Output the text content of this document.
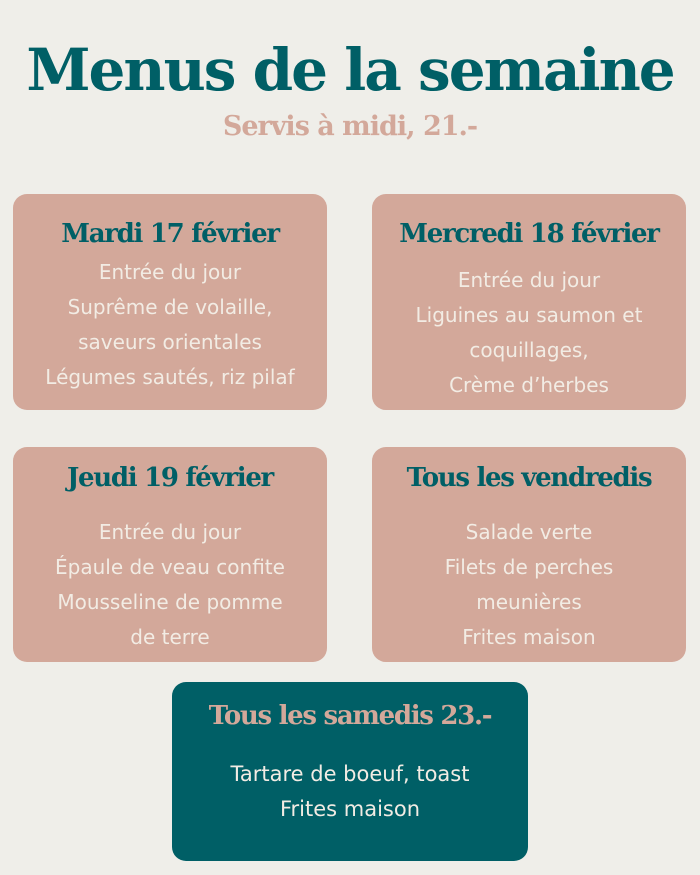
Menus de la semaine
Servis à midi, 21.-
Mardi 17 février
Entrée du jour
Suprême de volaille,
saveurs orientales
Légumes sautés, riz pilaf
Mercredi 18 février
Entrée du jour
Liguines au saumon et
coquillages,
Crème d’herbes
Jeudi 19 février
Entrée du jour
Épaule de veau confite
Mousseline de pomme
de terre
Tous les vendredis
Salade verte
Filets de perches
meunières
Frites maison
Tous les samedis 23.-
Tartare de boeuf, toast
Frites maison
